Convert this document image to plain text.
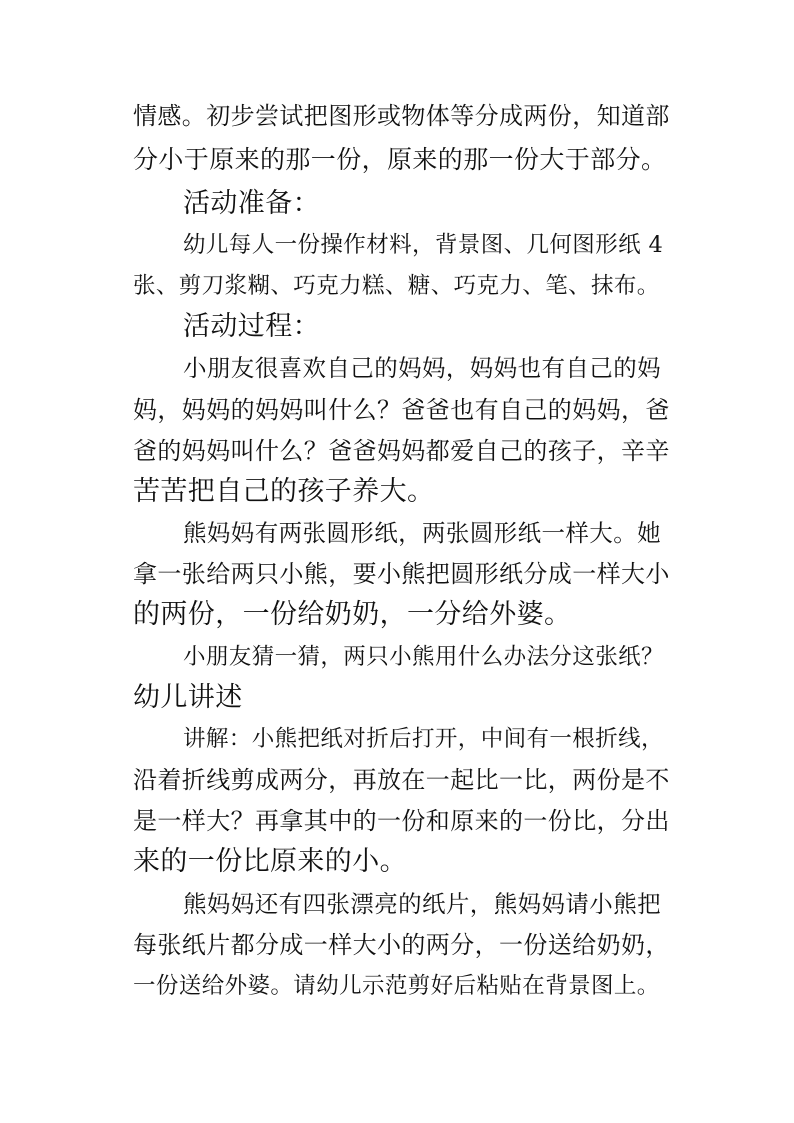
情感。初步尝试把图形或物体等分成两份，知道部
分小于原来的那一份，原来的那一份大于部分。
活动准备：
幼儿每人一份操作材料，背景图、几何图形纸 4
张、剪刀浆糊、巧克力糕、糖、巧克力、笔、抹布。
活动过程：
小朋友很喜欢自己的妈妈，妈妈也有自己的妈
妈，妈妈的妈妈叫什么？爸爸也有自己的妈妈，爸
爸的妈妈叫什么？爸爸妈妈都爱自己的孩子，辛辛
苦苦把自己的孩子养大。
熊妈妈有两张圆形纸，两张圆形纸一样大。她
拿一张给两只小熊，要小熊把圆形纸分成一样大小
的两份，一份给奶奶，一分给外婆。
小朋友猜一猜，两只小熊用什么办法分这张纸？
幼儿讲述
讲解：小熊把纸对折后打开，中间有一根折线，
沿着折线剪成两分，再放在一起比一比，两份是不
是一样大？再拿其中的一份和原来的一份比，分出
来的一份比原来的小。
熊妈妈还有四张漂亮的纸片，熊妈妈请小熊把
每张纸片都分成一样大小的两分，一份送给奶奶，
一份送给外婆。请幼儿示范剪好后粘贴在背景图上。
